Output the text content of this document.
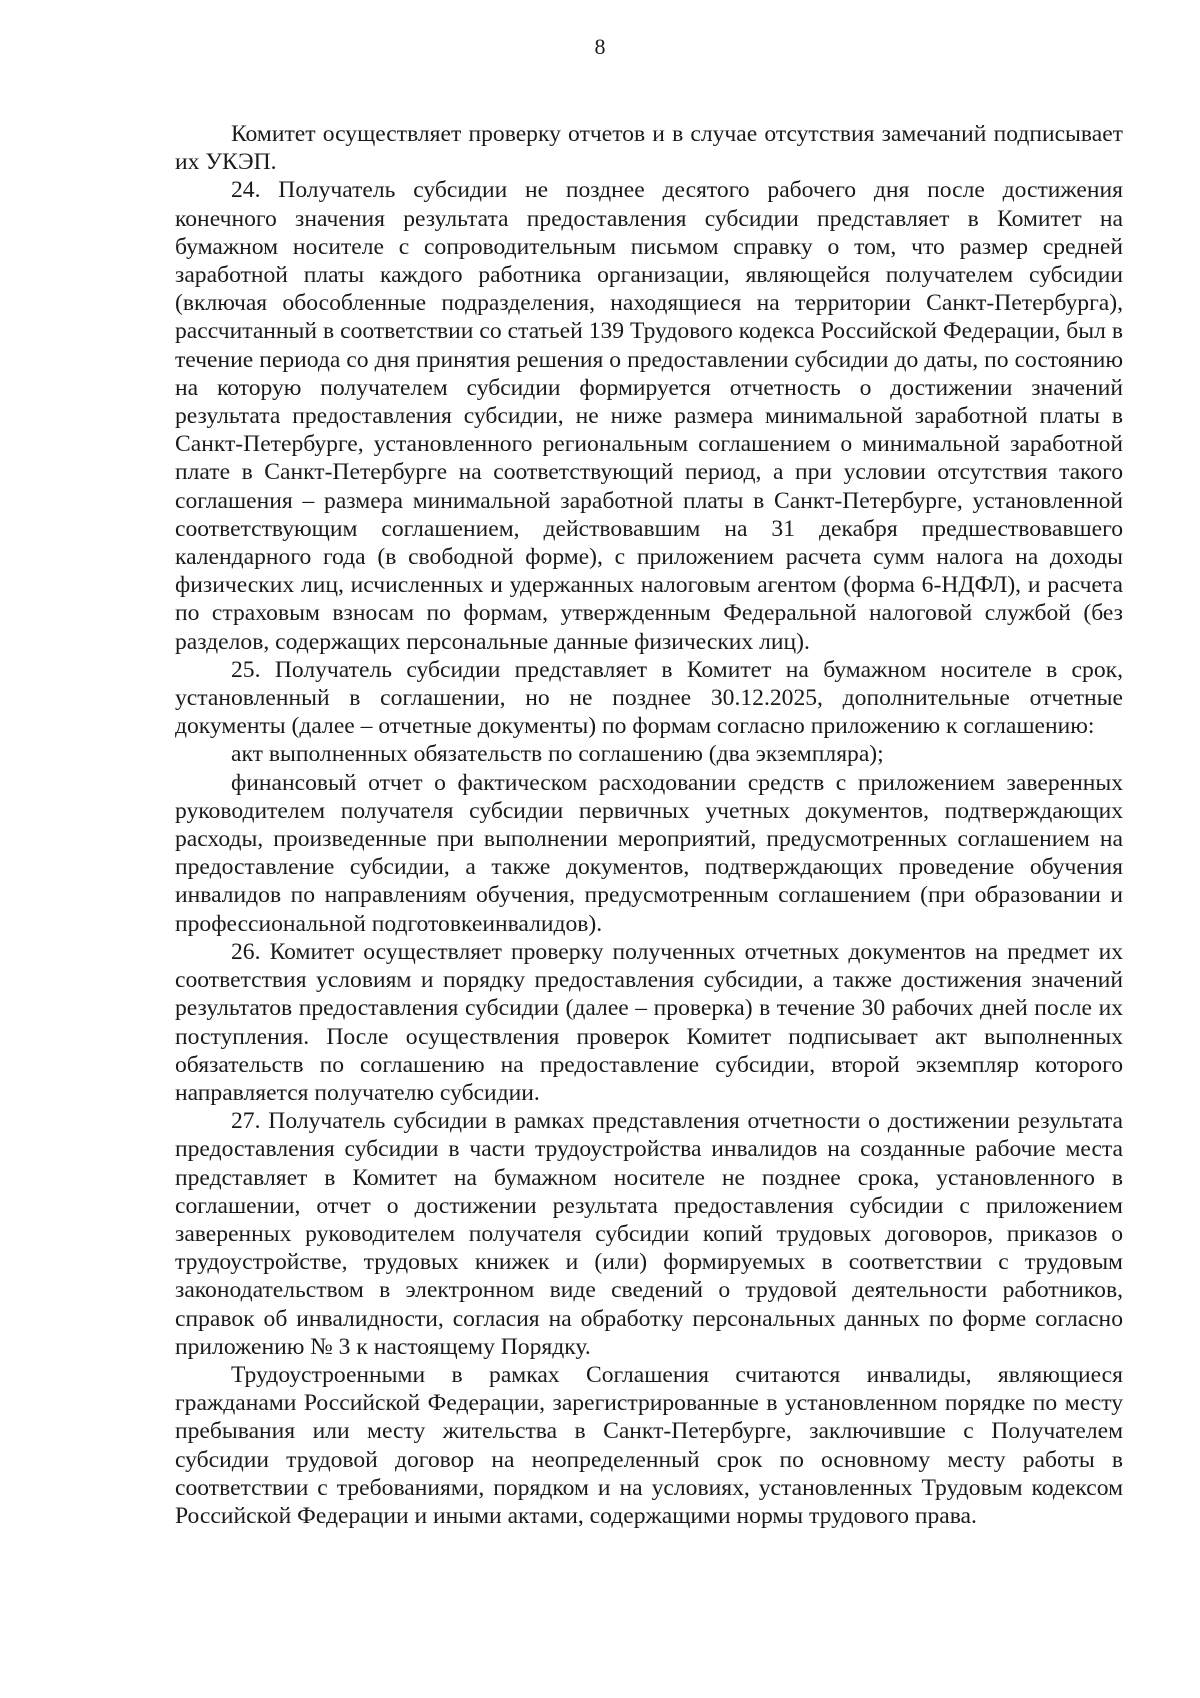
8

Комитет осуществляет проверку отчетов и в случае отсутствия замечаний подписывает их УКЭП.

24. Получатель субсидии не позднее десятого рабочего дня после достижения конечного значения результата предоставления субсидии представляет в Комитет на бумажном носителе с сопроводительным письмом справку о том, что размер средней заработной платы каждого работника организации, являющейся получателем субсидии (включая обособленные подразделения, находящиеся на территории Санкт-Петербурга), рассчитанный в соответствии со статьей 139 Трудового кодекса Российской Федерации, был в течение периода со дня принятия решения о предоставлении субсидии до даты, по состоянию на которую получателем субсидии формируется отчетность о достижении значений результата предоставления субсидии, не ниже размера минимальной заработной платы в Санкт-Петербурге, установленного региональным соглашением о минимальной заработной плате в Санкт-Петербурге на соответствующий период, а при условии отсутствия такого соглашения – размера минимальной заработной платы в Санкт-Петербурге, установленной соответствующим соглашением, действовавшим на 31 декабря предшествовавшего календарного года (в свободной форме), с приложением расчета сумм налога на доходы физических лиц, исчисленных и удержанных налоговым агентом (форма 6-НДФЛ), и расчета по страховым взносам по формам, утвержденным Федеральной налоговой службой (без разделов, содержащих персональные данные физических лиц).

25. Получатель субсидии представляет в Комитет на бумажном носителе в срок, установленный в соглашении, но не позднее 30.12.2025, дополнительные отчетные документы (далее – отчетные документы) по формам согласно приложению к соглашению:

акт выполненных обязательств по соглашению (два экземпляра);

финансовый отчет о фактическом расходовании средств с приложением заверенных руководителем получателя субсидии первичных учетных документов, подтверждающих расходы, произведенные при выполнении мероприятий, предусмотренных соглашением на предоставление субсидии, а также документов, подтверждающих проведение обучения инвалидов по направлениям обучения, предусмотренным соглашением (при образовании и профессиональной подготовкеинвалидов).

26. Комитет осуществляет проверку полученных отчетных документов на предмет их соответствия условиям и порядку предоставления субсидии, а также достижения значений результатов предоставления субсидии (далее – проверка) в течение 30 рабочих дней после их поступления. После осуществления проверок Комитет подписывает акт выполненных обязательств по соглашению на предоставление субсидии, второй экземпляр которого направляется получателю субсидии.

27. Получатель субсидии в рамках представления отчетности о достижении результата предоставления субсидии в части трудоустройства инвалидов на созданные рабочие места представляет в Комитет на бумажном носителе не позднее срока, установленного в соглашении, отчет о достижении результата предоставления субсидии с приложением заверенных руководителем получателя субсидии копий трудовых договоров, приказов о трудоустройстве, трудовых книжек и (или) формируемых в соответствии с трудовым законодательством в электронном виде сведений о трудовой деятельности работников, справок об инвалидности, согласия на обработку персональных данных по форме согласно приложению № 3 к настоящему Порядку.

Трудоустроенными в рамках Соглашения считаются инвалиды, являющиеся гражданами Российской Федерации, зарегистрированные в установленном порядке по месту пребывания или месту жительства в Санкт-Петербурге, заключившие с Получателем субсидии трудовой договор на неопределенный срок по основному месту работы в соответствии с требованиями, порядком и на условиях, установленных Трудовым кодексом Российской Федерации и иными актами, содержащими нормы трудового права.
